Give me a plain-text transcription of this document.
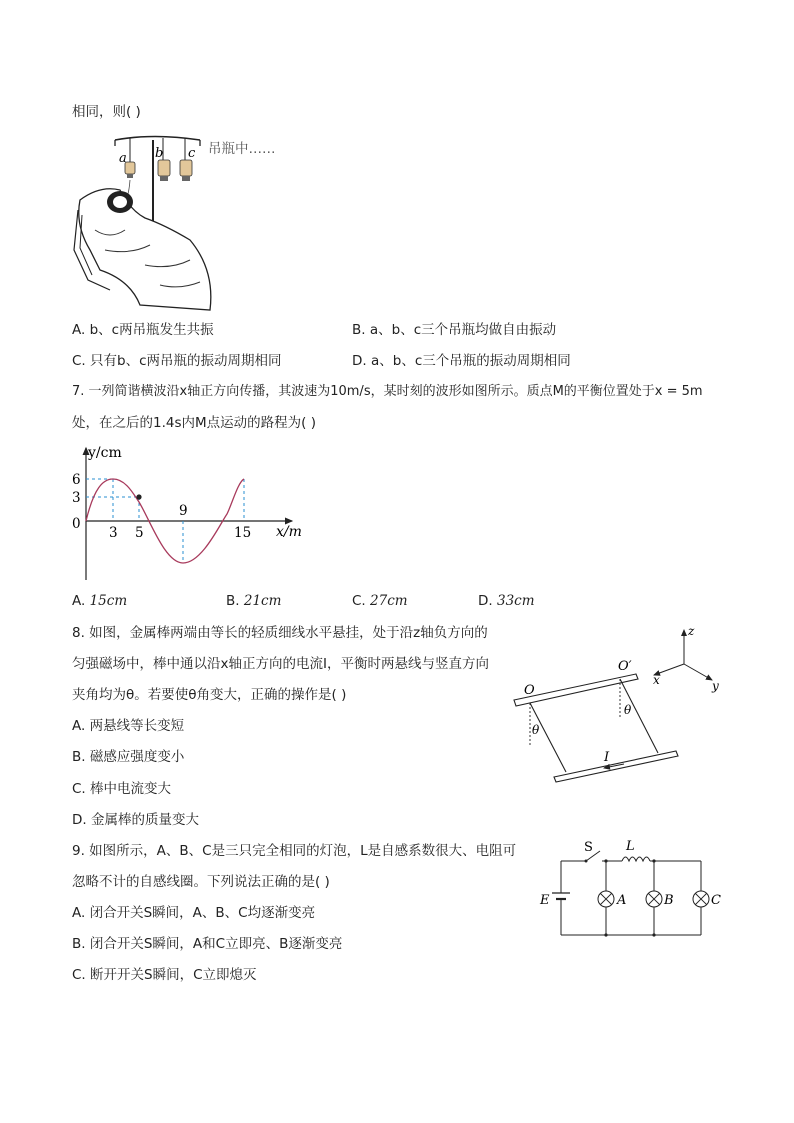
相同，则( )
a b c 吊瓶中……
A. b、c两吊瓶发生共振	B. a、b、c三个吊瓶均做自由振动
C. 只有b、c两吊瓶的振动周期相同	D. a、b、c三个吊瓶的振动周期相同
7. 一列简谐横波沿x轴正方向传播，其波速为10m/s，某时刻的波形如图所示。质点M的平衡位置处于x = 5m
处，在之后的1.4s内M点运动的路程为( )
y/cm
x/m
6
3
0
3 5
9
15
A. 15cm	B. 21cm	C. 27cm	D. 33cm
8. 如图，金属棒两端由等长的轻质细线水平悬挂，处于沿z轴负方向的
匀强磁场中，棒中通以沿x轴正方向的电流I，平衡时两悬线与竖直方向
夹角均为θ。若要使θ角变大，正确的操作是( )
A. 两悬线等长变短
B. 磁感应强度变小
C. 棒中电流变大
D. 金属棒的质量变大
z
x	y
O
O′
θ
θ
I
9. 如图所示，A、B、C是三只完全相同的灯泡，L是自感系数很大、电阻可
忽略不计的自感线圈。下列说法正确的是( )
A. 闭合开关S瞬间，A、B、C均逐渐变亮
B. 闭合开关S瞬间，A和C立即亮、B逐渐变亮
C. 断开开关S瞬间，C立即熄灭
S	L
E	A	B	C
